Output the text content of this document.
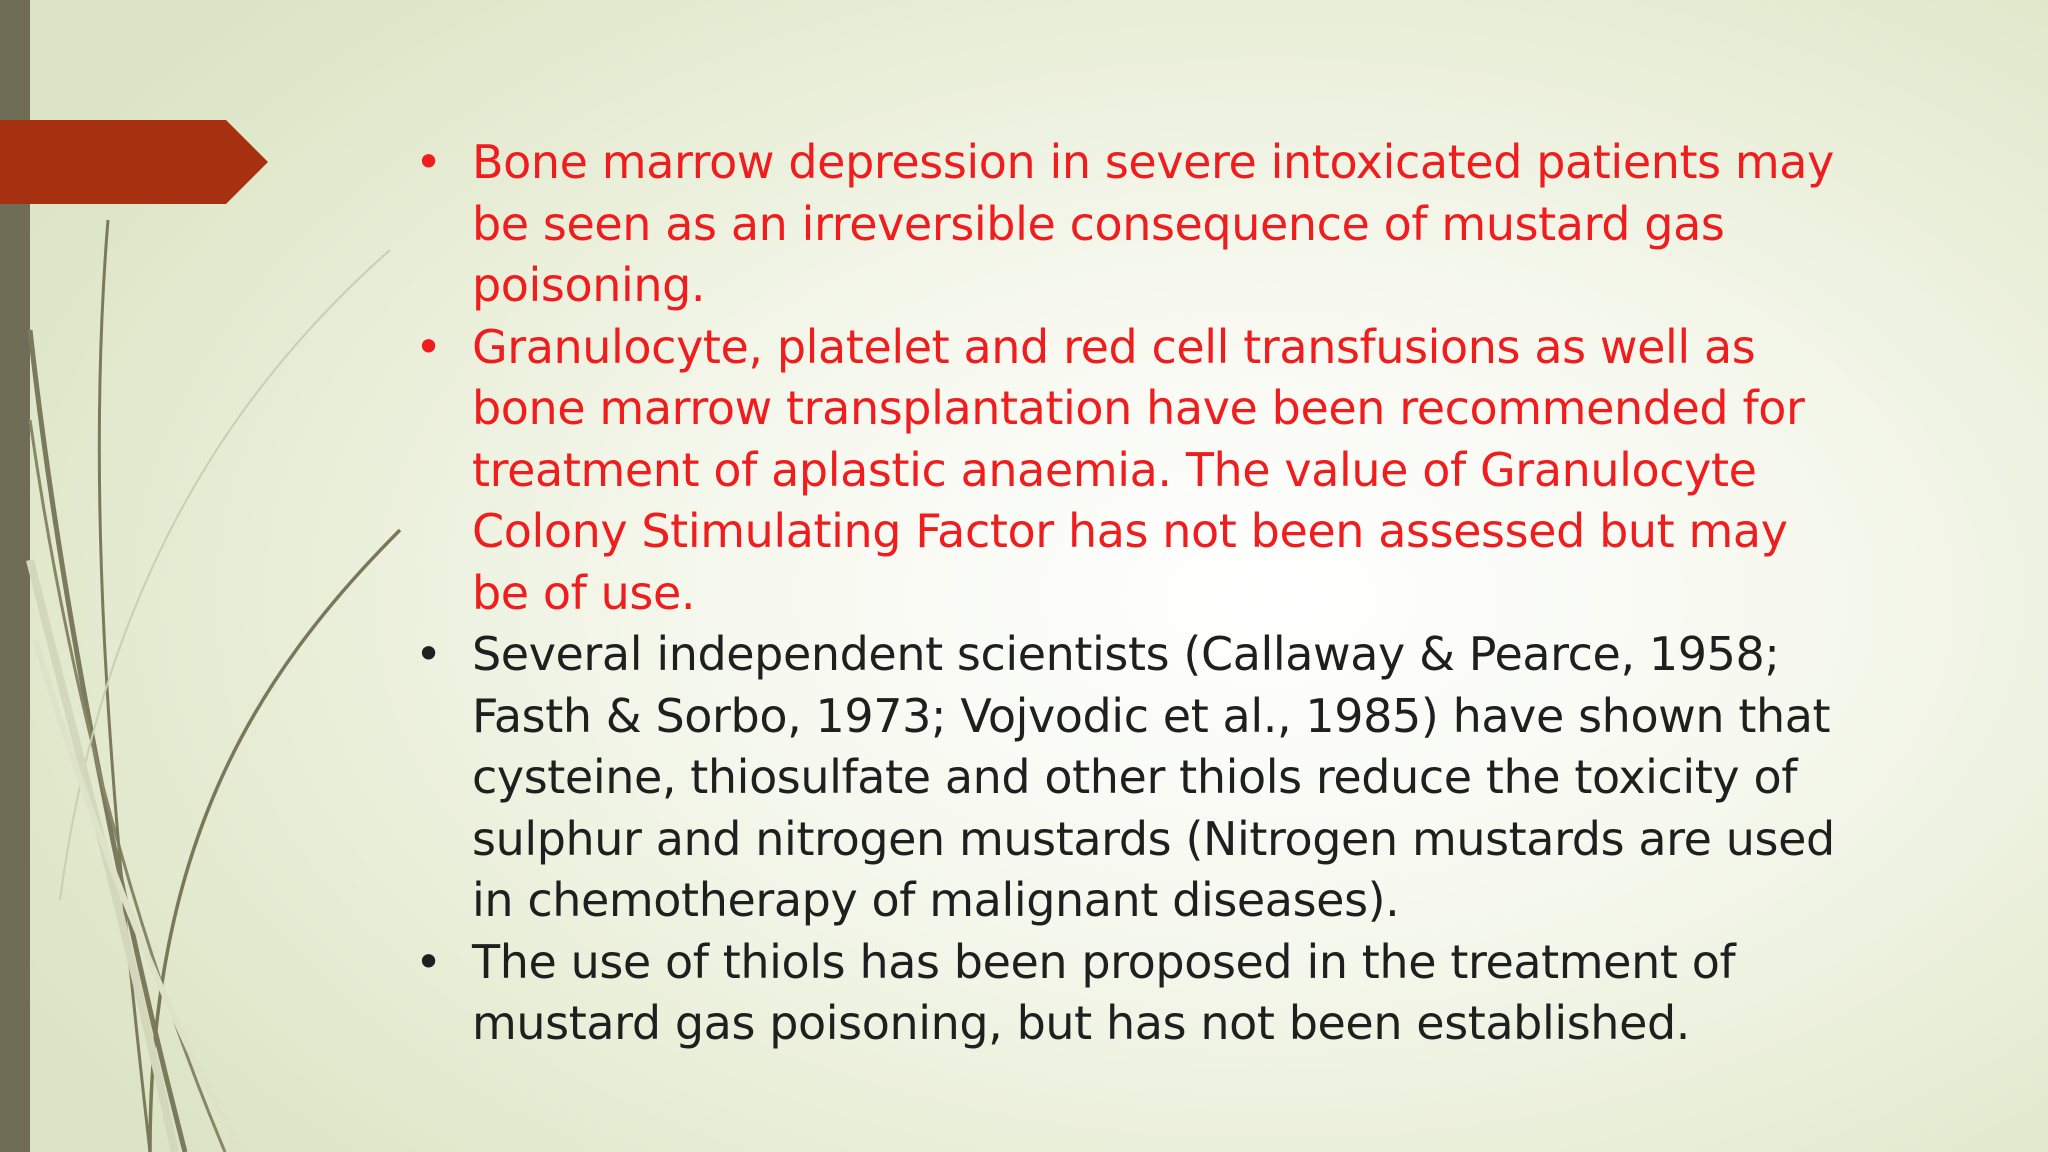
• Bone marrow depression in severe intoxicated patients may
be seen as an irreversible consequence of mustard gas
poisoning.
• Granulocyte, platelet and red cell transfusions as well as
bone marrow transplantation have been recommended for
treatment of aplastic anaemia. The value of Granulocyte
Colony Stimulating Factor has not been assessed but may
be of use.
• Several independent scientists (Callaway & Pearce, 1958;
Fasth & Sorbo, 1973; Vojvodic et al., 1985) have shown that
cysteine, thiosulfate and other thiols reduce the toxicity of
sulphur and nitrogen mustards (Nitrogen mustards are used
in chemotherapy of malignant diseases).
• The use of thiols has been proposed in the treatment of
mustard gas poisoning, but has not been established.
